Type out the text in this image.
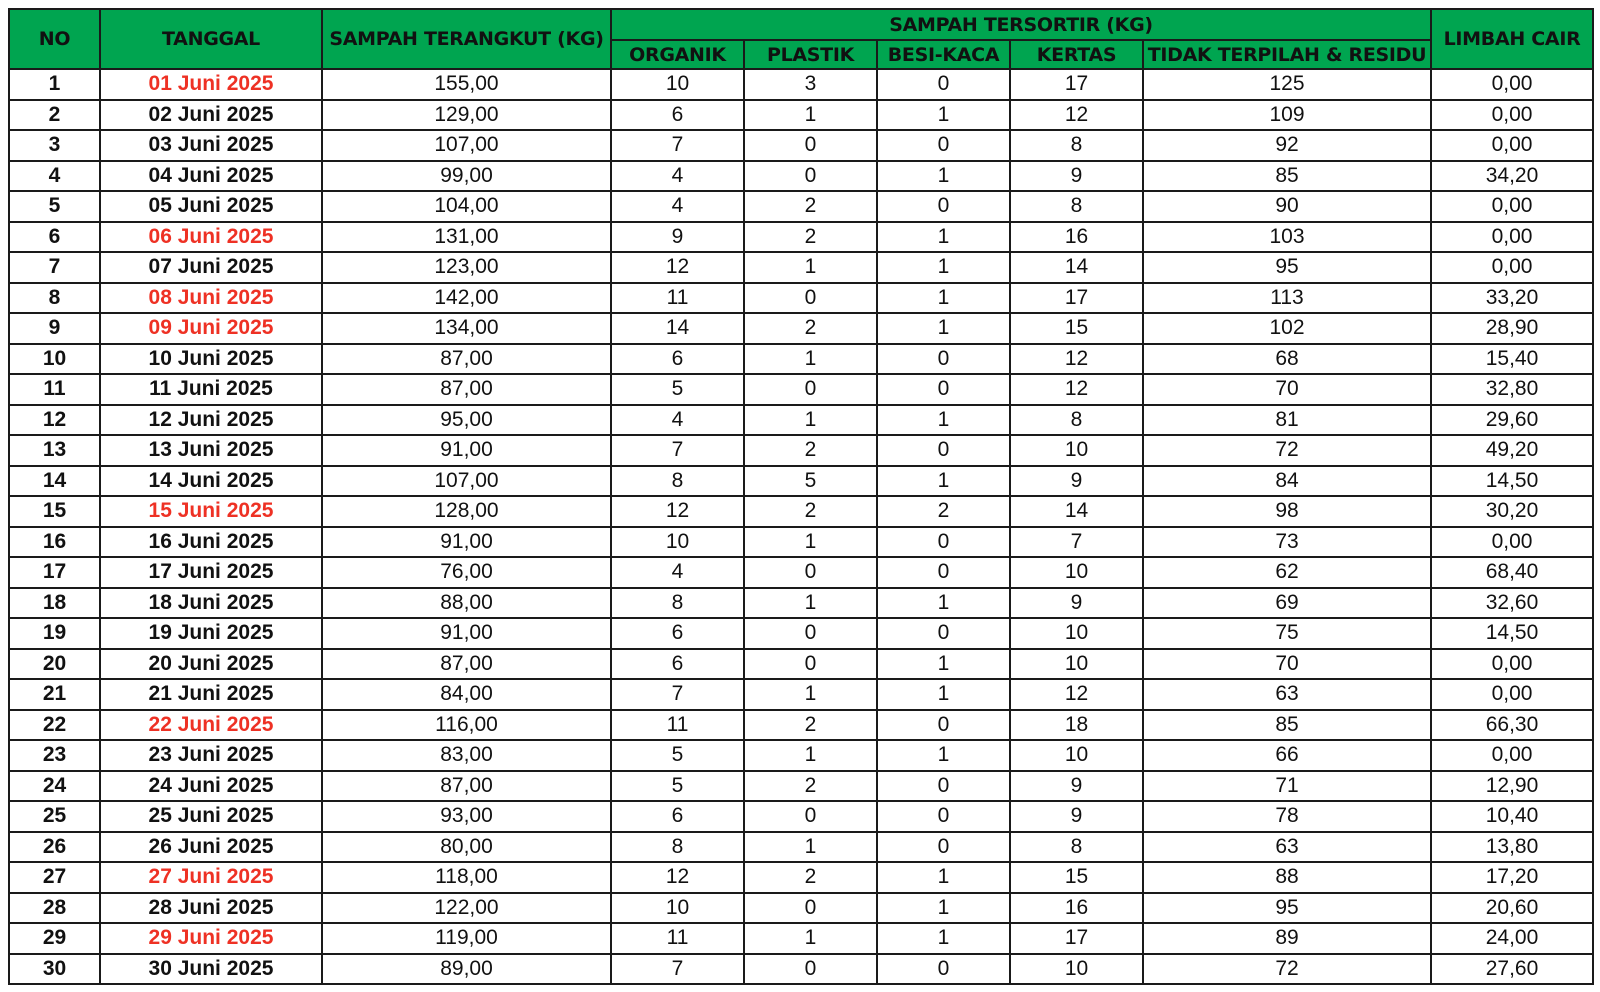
NO	TANGGAL	SAMPAH TERANGKUT (KG)	SAMPAH TERSORTIR (KG)					LIMBAH CAIR
			ORGANIK	PLASTIK	BESI-KACA	KERTAS	TIDAK TERPILAH & RESIDU	
1	01 Juni 2025	155,00	10	3	0	17	125	0,00
2	02 Juni 2025	129,00	6	1	1	12	109	0,00
3	03 Juni 2025	107,00	7	0	0	8	92	0,00
4	04 Juni 2025	99,00	4	0	1	9	85	34,20
5	05 Juni 2025	104,00	4	2	0	8	90	0,00
6	06 Juni 2025	131,00	9	2	1	16	103	0,00
7	07 Juni 2025	123,00	12	1	1	14	95	0,00
8	08 Juni 2025	142,00	11	0	1	17	113	33,20
9	09 Juni 2025	134,00	14	2	1	15	102	28,90
10	10 Juni 2025	87,00	6	1	0	12	68	15,40
11	11 Juni 2025	87,00	5	0	0	12	70	32,80
12	12 Juni 2025	95,00	4	1	1	8	81	29,60
13	13 Juni 2025	91,00	7	2	0	10	72	49,20
14	14 Juni 2025	107,00	8	5	1	9	84	14,50
15	15 Juni 2025	128,00	12	2	2	14	98	30,20
16	16 Juni 2025	91,00	10	1	0	7	73	0,00
17	17 Juni 2025	76,00	4	0	0	10	62	68,40
18	18 Juni 2025	88,00	8	1	1	9	69	32,60
19	19 Juni 2025	91,00	6	0	0	10	75	14,50
20	20 Juni 2025	87,00	6	0	1	10	70	0,00
21	21 Juni 2025	84,00	7	1	1	12	63	0,00
22	22 Juni 2025	116,00	11	2	0	18	85	66,30
23	23 Juni 2025	83,00	5	1	1	10	66	0,00
24	24 Juni 2025	87,00	5	2	0	9	71	12,90
25	25 Juni 2025	93,00	6	0	0	9	78	10,40
26	26 Juni 2025	80,00	8	1	0	8	63	13,80
27	27 Juni 2025	118,00	12	2	1	15	88	17,20
28	28 Juni 2025	122,00	10	0	1	16	95	20,60
29	29 Juni 2025	119,00	11	1	1	17	89	24,00
30	30 Juni 2025	89,00	7	0	0	10	72	27,60
